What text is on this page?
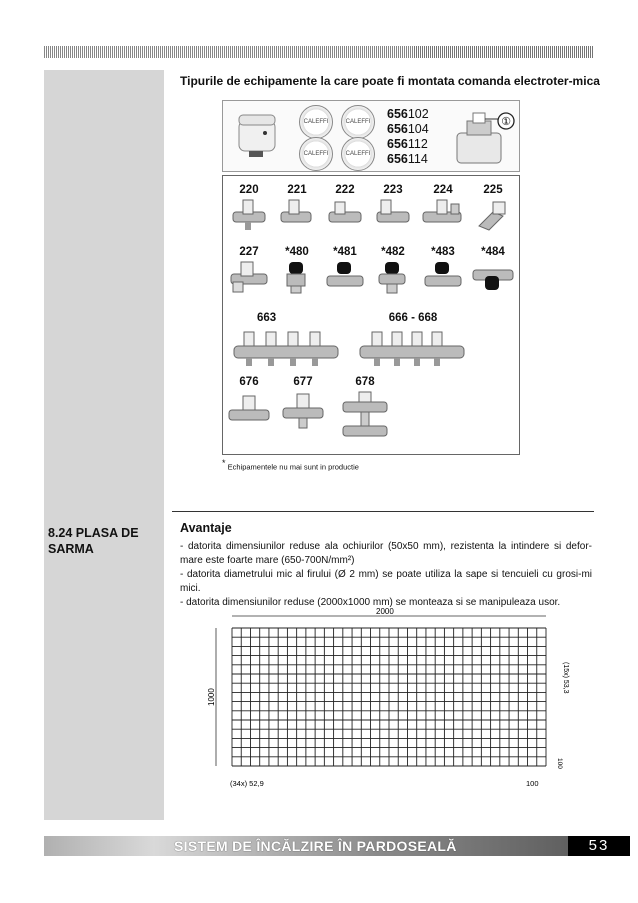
8.24 PLASA DE SARMA
Tipurile de echipamente la care poate fi montata comanda electroter-mica
CALEFFI	CALEFFI
CALEFFI	CALEFFI
656102
656104
656112
656114
①
220	221	222	223	224	225
227	*480	*481	*482	*483	*484
663	666 - 668
676	677	678
* Echipamentele nu mai sunt in productie
Avantaje

- datorita dimensiunilor reduse ala ochiurilor (50x50 mm), rezistenta la intindere si defor-mare este foarte mare (650-700N/mm²)

- datorita diametrului mic al firului (Ø 2 mm) se poate utiliza la sape si tencuieli cu grosi-mi mici.

- datorita dimensiunilor reduse (2000x1000 mm) se monteaza si se manipuleaza usor.

2000
1000
(15x) 53,3
(34x) 52,9	100
100
SISTEM DE ÎNCĂLZIRE ÎN PARDOSEALĂ	53
